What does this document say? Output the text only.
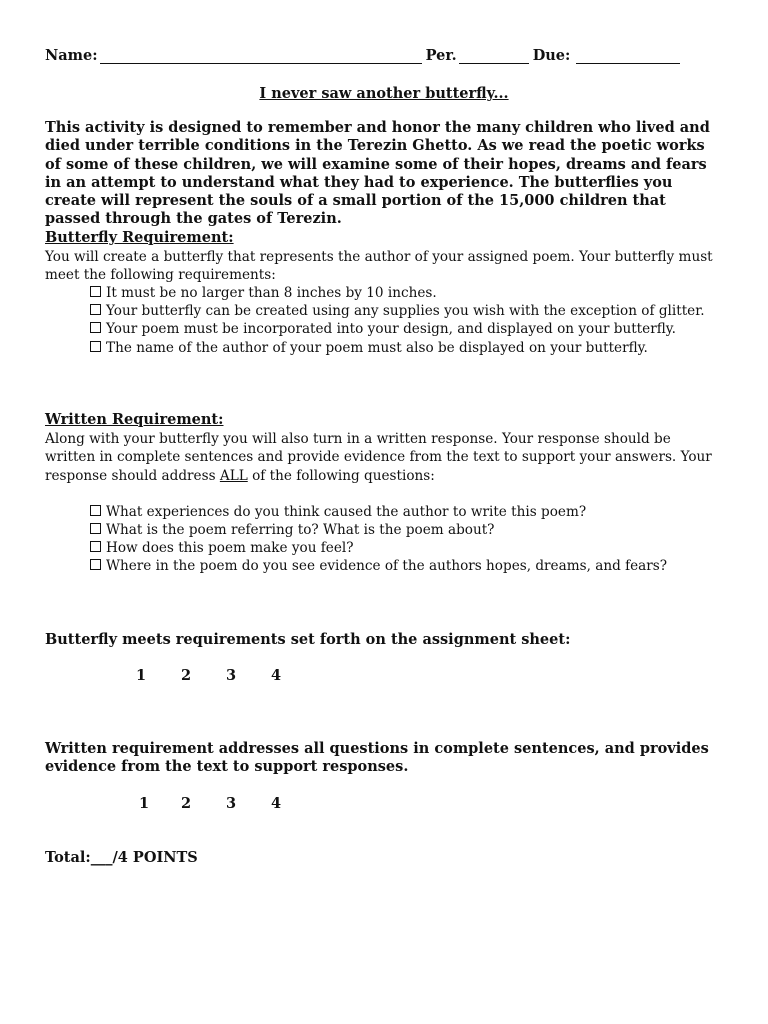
Name:	Per.	Due:
I never saw another butterfly...
This activity is designed to remember and honor the many children who lived and died under terrible conditions in the Terezin Ghetto. As we read the poetic works of some of these children, we will examine some of their hopes, dreams and fears in an attempt to understand what they had to experience. The butterflies you create will represent the souls of a small portion of the 15,000 children that passed through the gates of Terezin.
Butterfly Requirement:
You will create a butterfly that represents the author of your assigned poem. Your butterfly must meet the following requirements:
It must be no larger than 8 inches by 10 inches.
Your butterfly can be created using any supplies you wish with the exception of glitter.
Your poem must be incorporated into your design, and displayed on your butterfly.
The name of the author of your poem must also be displayed on your butterfly.
Written Requirement:
Along with your butterfly you will also turn in a written response. Your response should be written in complete sentences and provide evidence from the text to support your answers. Your response should address ALL of the following questions:
What experiences do you think caused the author to write this poem?
What is the poem referring to? What is the poem about?
How does this poem make you feel?
Where in the poem do you see evidence of the authors hopes, dreams, and fears?
Butterfly meets requirements set forth on the assignment sheet:
1 2 3 4
Written requirement addresses all questions in complete sentences, and provides evidence from the text to support responses.
1 2 3 4
Total:___/4 POINTS
